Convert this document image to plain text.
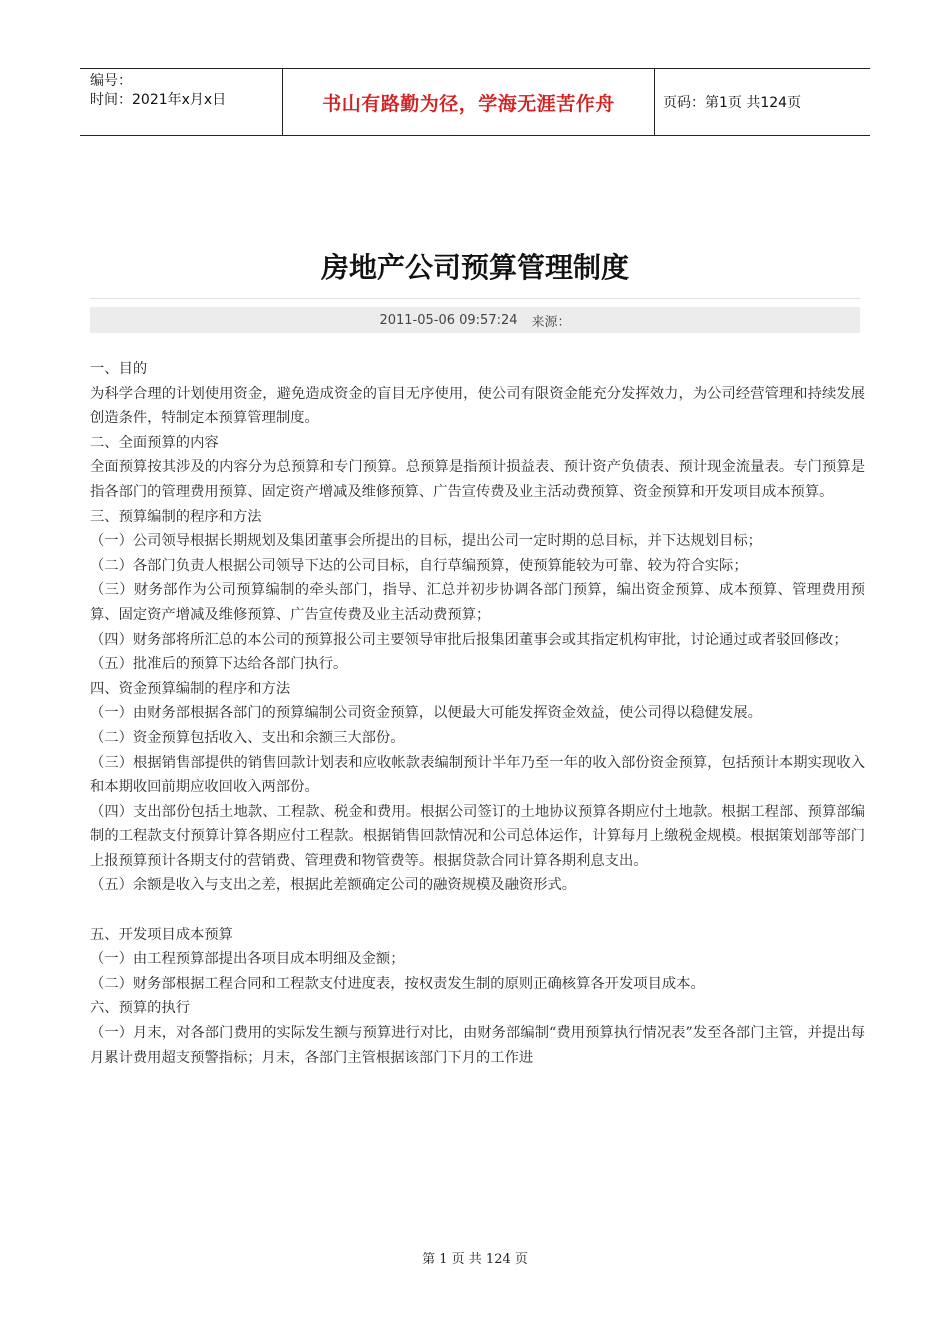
编号：
时间：2021年x月x日	书山有路勤为径，学海无涯苦作舟	页码：第1页 共124页
房地产公司预算管理制度
2011-05-06 09:57:24 来源：

一、目的

为科学合理的计划使用资金，避免造成资金的盲目无序使用，使公司有限资金能充分发挥效力，为公司经营管理和持续发展创造条件，特制定本预算管理制度。

二、全面预算的内容

全面预算按其涉及的内容分为总预算和专门预算。总预算是指预计损益表、预计资产负债表、预计现金流量表。专门预算是指各部门的管理费用预算、固定资产增减及维修预算、广告宣传费及业主活动费预算、资金预算和开发项目成本预算。

三、预算编制的程序和方法

（一）公司领导根据长期规划及集团董事会所提出的目标，提出公司一定时期的总目标，并下达规划目标；

（二）各部门负责人根据公司领导下达的公司目标，自行草编预算，使预算能较为可靠、较为符合实际；

（三）财务部作为公司预算编制的牵头部门，指导、汇总并初步协调各部门预算，编出资金预算、成本预算、管理费用预算、固定资产增减及维修预算、广告宣传费及业主活动费预算；

（四）财务部将所汇总的本公司的预算报公司主要领导审批后报集团董事会或其指定机构审批，讨论通过或者驳回修改；

（五）批准后的预算下达给各部门执行。

四、资金预算编制的程序和方法

（一）由财务部根据各部门的预算编制公司资金预算，以便最大可能发挥资金效益，使公司得以稳健发展。

（二）资金预算包括收入、支出和余额三大部份。

（三）根据销售部提供的销售回款计划表和应收帐款表编制预计半年乃至一年的收入部份资金预算，包括预计本期实现收入和本期收回前期应收回收入两部份。

（四）支出部份包括土地款、工程款、税金和费用。根据公司签订的土地协议预算各期应付土地款。根据工程部、预算部编制的工程款支付预算计算各期应付工程款。根据销售回款情况和公司总体运作，计算每月上缴税金规模。根据策划部等部门上报预算预计各期支付的营销费、管理费和物管费等。根据贷款合同计算各期利息支出。

（五）余额是收入与支出之差，根据此差额确定公司的融资规模及融资形式。

五、开发项目成本预算

（一）由工程预算部提出各项目成本明细及金额；

（二）财务部根据工程合同和工程款支付进度表，按权责发生制的原则正确核算各开发项目成本。

六、预算的执行

（一）月末，对各部门费用的实际发生额与预算进行对比，由财务部编制“费用预算执行情况表”发至各部门主管，并提出每月累计费用超支预警指标；月末，各部门主管根据该部门下月的工作进

第 1 页 共 124 页
